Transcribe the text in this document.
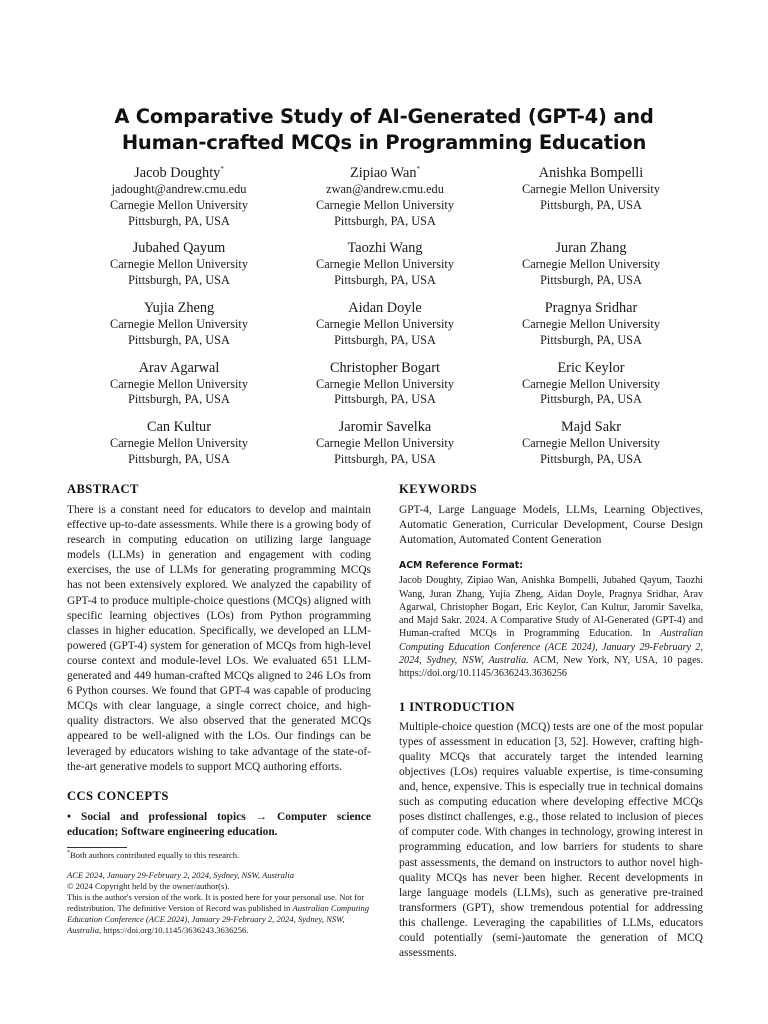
A Comparative Study of AI-Generated (GPT-4) and
Human-crafted MCQs in Programming Education
Jacob Doughty*
jadought@andrew.cmu.edu
Carnegie Mellon University
Pittsburgh, PA, USA
Zipiao Wan*
zwan@andrew.cmu.edu
Carnegie Mellon University
Pittsburgh, PA, USA
Anishka Bompelli
Carnegie Mellon University
Pittsburgh, PA, USA
Jubahed Qayum
Carnegie Mellon University
Pittsburgh, PA, USA
Taozhi Wang
Carnegie Mellon University
Pittsburgh, PA, USA
Juran Zhang
Carnegie Mellon University
Pittsburgh, PA, USA
Yujia Zheng
Carnegie Mellon University
Pittsburgh, PA, USA
Aidan Doyle
Carnegie Mellon University
Pittsburgh, PA, USA
Pragnya Sridhar
Carnegie Mellon University
Pittsburgh, PA, USA
Arav Agarwal
Carnegie Mellon University
Pittsburgh, PA, USA
Christopher Bogart
Carnegie Mellon University
Pittsburgh, PA, USA
Eric Keylor
Carnegie Mellon University
Pittsburgh, PA, USA
Can Kultur
Carnegie Mellon University
Pittsburgh, PA, USA
Jaromir Savelka
Carnegie Mellon University
Pittsburgh, PA, USA
Majd Sakr
Carnegie Mellon University
Pittsburgh, PA, USA
ABSTRACT

There is a constant need for educators to develop and maintain effective up-to-date assessments. While there is a growing body of research in computing education on utilizing large language models (LLMs) in generation and engagement with coding exercises, the use of LLMs for generating programming MCQs has not been extensively explored. We analyzed the capability of GPT-4 to produce multiple-choice questions (MCQs) aligned with specific learning objectives (LOs) from Python programming classes in higher education. Specifically, we developed an LLM-powered (GPT-4) system for generation of MCQs from high-level course context and module-level LOs. We evaluated 651 LLM-generated and 449 human-crafted MCQs aligned to 246 LOs from 6 Python courses. We found that GPT-4 was capable of producing MCQs with clear language, a single correct choice, and high-quality distractors. We also observed that the generated MCQs appeared to be well-aligned with the LOs. Our findings can be leveraged by educators wishing to take advantage of the state-of-the-art generative models to support MCQ authoring efforts.

CCS CONCEPTS

• Social and professional topics → Computer science education; Software engineering education.

*Both authors contributed equally to this research.

ACE 2024, January 29-February 2, 2024, Sydney, NSW, Australia
© 2024 Copyright held by the owner/author(s).
This is the author's version of the work. It is posted here for your personal use. Not for redistribution. The definitive Version of Record was published in Australian Computing Education Conference (ACE 2024), January 29-February 2, 2024, Sydney, NSW, Australia, https://doi.org/10.1145/3636243.3636256.
KEYWORDS

GPT-4, Large Language Models, LLMs, Learning Objectives, Automatic Generation, Curricular Development, Course Design Automation, Automated Content Generation

ACM Reference Format:

Jacob Doughty, Zipiao Wan, Anishka Bompelli, Jubahed Qayum, Taozhi Wang, Juran Zhang, Yujia Zheng, Aidan Doyle, Pragnya Sridhar, Arav Agarwal, Christopher Bogart, Eric Keylor, Can Kultur, Jaromir Savelka, and Majd Sakr. 2024. A Comparative Study of AI-Generated (GPT-4) and Human-crafted MCQs in Programming Education. In Australian Computing Education Conference (ACE 2024), January 29-February 2, 2024, Sydney, NSW, Australia. ACM, New York, NY, USA, 10 pages. https://doi.org/10.1145/3636243.3636256

1 INTRODUCTION

Multiple-choice question (MCQ) tests are one of the most popular types of assessment in education [3, 52]. However, crafting high-quality MCQs that accurately target the intended learning objectives (LOs) requires valuable expertise, is time-consuming and, hence, expensive. This is especially true in technical domains such as computing education where developing effective MCQs poses distinct challenges, e.g., those related to inclusion of pieces of computer code. With changes in technology, growing interest in programming education, and low barriers for students to share past assessments, the demand on instructors to author novel high-quality MCQs has never been higher. Recent developments in large language models (LLMs), such as generative pre-trained transformers (GPT), show tremendous potential for addressing this challenge. Leveraging the capabilities of LLMs, educators could potentially (semi-)automate the generation of MCQ assessments.
